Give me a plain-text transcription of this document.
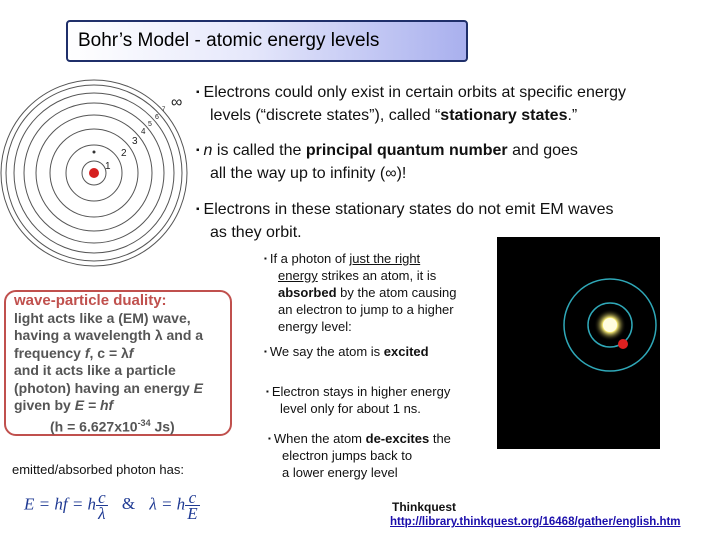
Bohr’s Model - atomic energy levels
1
2
3
4
5
6
7 ∞
▪ Electrons could only exist in certain orbits at specific energy
levels (“discrete states”), called “stationary states.”
▪ n is called the principal quantum number and goes
all the way up to infinity (∞)!
▪ Electrons in these stationary states do not emit EM waves
as they orbit.
wave-particle duality:
light acts like a (EM) wave,
having a wavelength λ and a
frequency f, c = λf
and it acts like a particle
(photon) having an energy E
given by E = hf
($h = 6.627x10^{-34}$ Js)
emitted/absorbed photon has:
E = hf = h $\frac{c}{\lambda}$ & λ = h $\frac{c}{E}$
▪ If a photon of just the right
energy strikes an atom, it is
absorbed by the atom causing
an electron to jump to a higher
energy level:
▪ We say the atom is excited
▪ Electron stays in higher energy
level only for about 1 ns.
▪ When the atom de-excites the
electron jumps back to
a lower energy level
Thinkquest
http://library.thinkquest.org/16468/gather/english.htm
